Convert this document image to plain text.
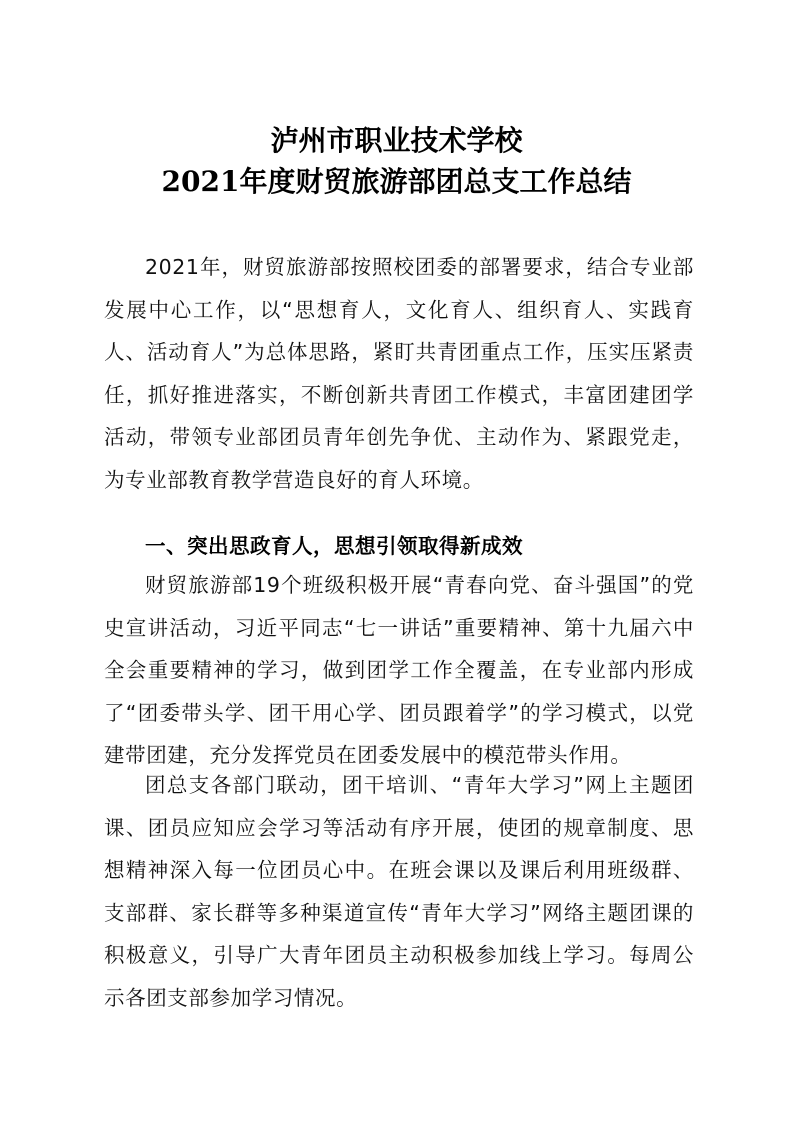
泸州市职业技术学校
2021年度财贸旅游部团总支工作总结

2021年，财贸旅游部按照校团委的部署要求，结合专业部发展中心工作，以“思想育人，文化育人、组织育人、实践育人、活动育人”为总体思路，紧盯共青团重点工作，压实压紧责任，抓好推进落实，不断创新共青团工作模式，丰富团建团学活动，带领专业部团员青年创先争优、主动作为、紧跟党走，为专业部教育教学营造良好的育人环境。

一、突出思政育人，思想引领取得新成效

财贸旅游部19个班级积极开展“青春向党、奋斗强国”的党史宣讲活动，习近平同志“七一讲话”重要精神、第十九届六中全会重要精神的学习，做到团学工作全覆盖，在专业部内形成了“团委带头学、团干用心学、团员跟着学”的学习模式，以党建带团建，充分发挥党员在团委发展中的模范带头作用。

团总支各部门联动，团干培训、“青年大学习”网上主题团课、团员应知应会学习等活动有序开展，使团的规章制度、思想精神深入每一位团员心中。在班会课以及课后利用班级群、支部群、家长群等多种渠道宣传“青年大学习”网络主题团课的积极意义，引导广大青年团员主动积极参加线上学习。每周公示各团支部参加学习情况。
